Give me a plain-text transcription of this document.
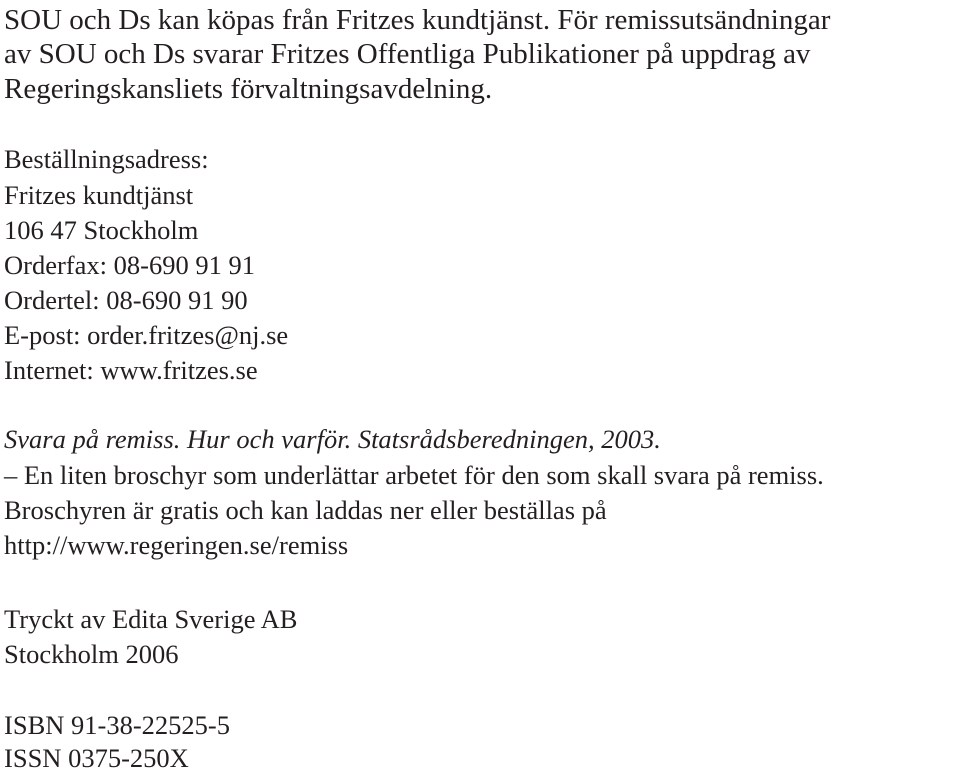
SOU och Ds kan köpas från Fritzes kundtjänst. För remissutsändningar

av SOU och Ds svarar Fritzes Offentliga Publikationer på uppdrag av

Regeringskansliets förvaltningsavdelning.

Beställningsadress:

Fritzes kundtjänst

106 47 Stockholm

Orderfax: 08-690 91 91

Ordertel: 08-690 91 90

E-post: order.fritzes@nj.se

Internet: www.fritzes.se

Svara på remiss. Hur och varför. Statsrådsberedningen, 2003.

– En liten broschyr som underlättar arbetet för den som skall svara på remiss.

Broschyren är gratis och kan laddas ner eller beställas på

http://www.regeringen.se/remiss

Tryckt av Edita Sverige AB

Stockholm 2006

ISBN 91-38-22525-5

ISSN 0375-250X
